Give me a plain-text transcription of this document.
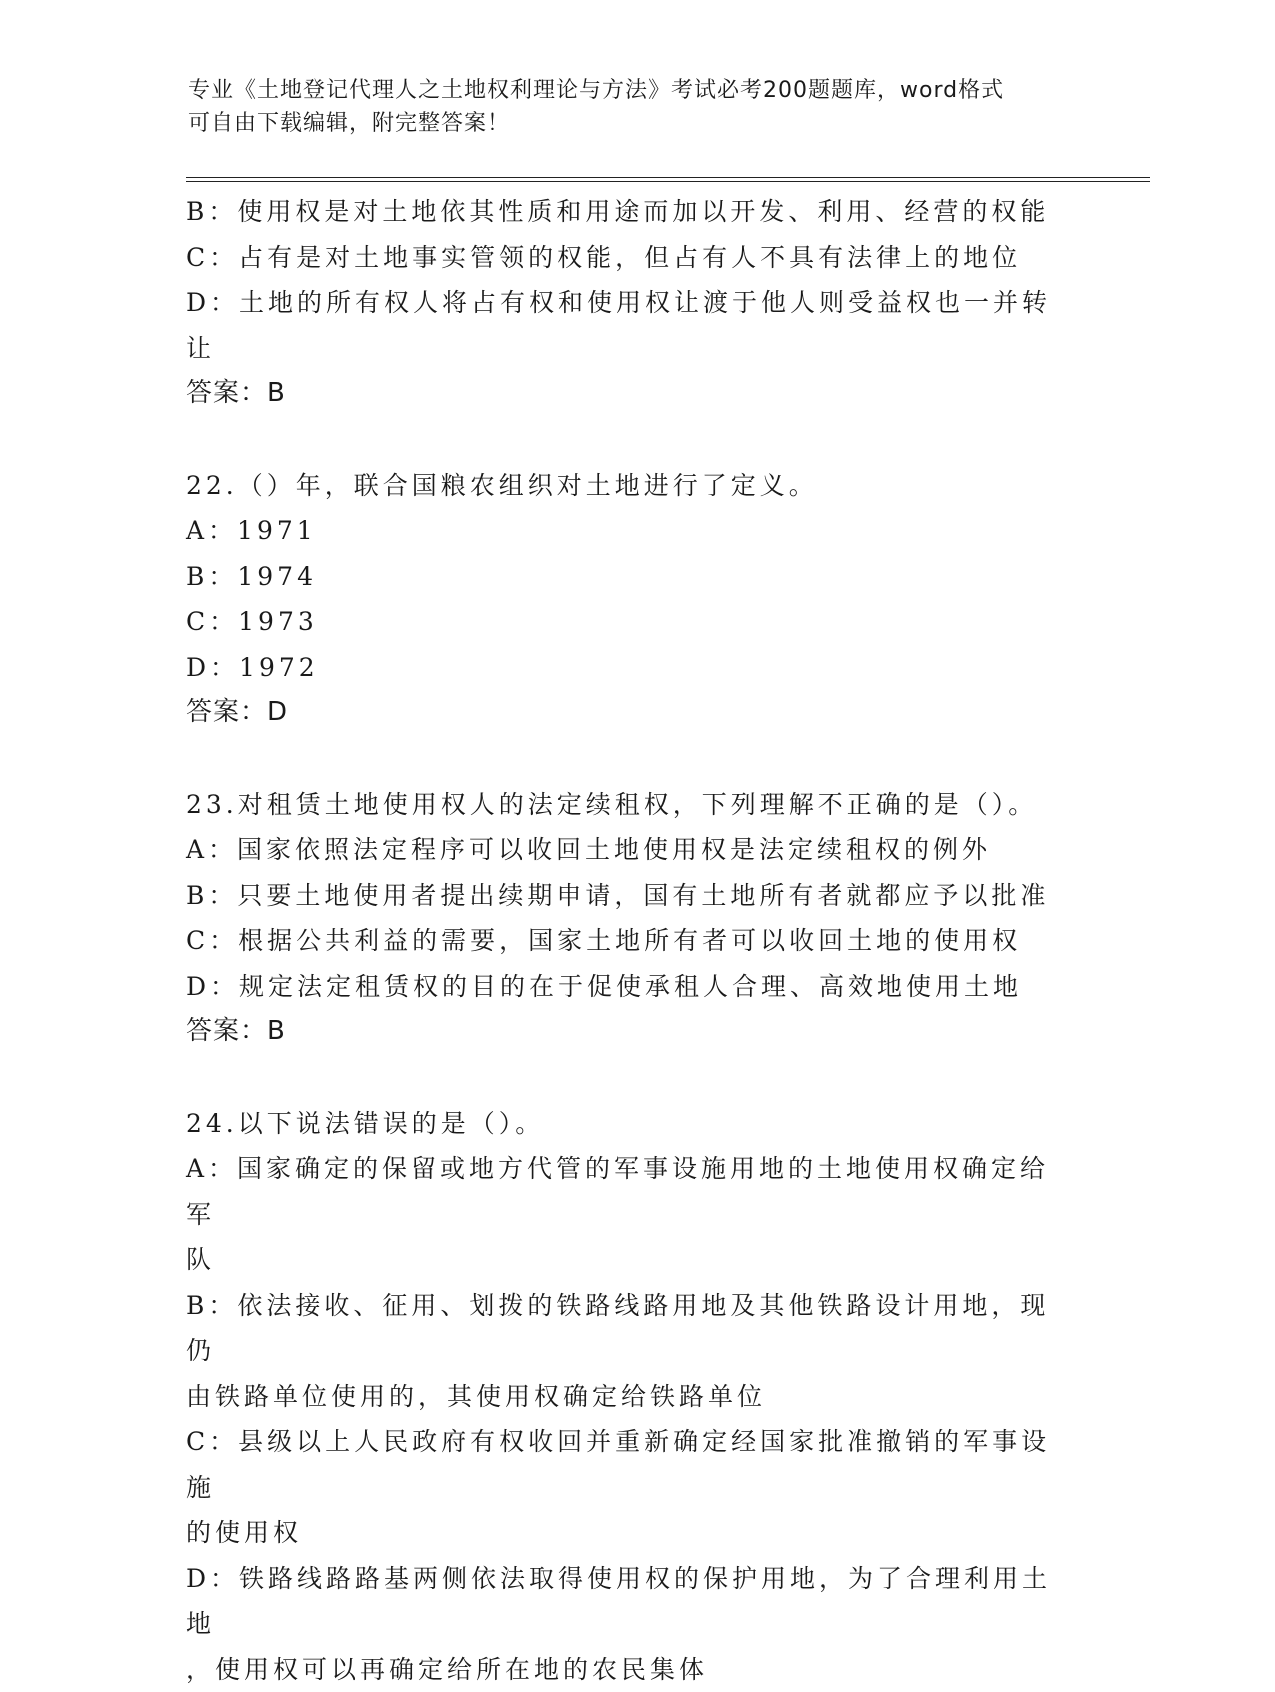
专业《土地登记代理人之土地权利理论与方法》考试必考200题题库，word格式
可自由下载编辑，附完整答案！

B：使用权是对土地依其性质和用途而加以开发、利用、经营的权能

C：占有是对土地事实管领的权能，但占有人不具有法律上的地位

D：土地的所有权人将占有权和使用权让渡于他人则受益权也一并转让

答案：B

22.（）年，联合国粮农组织对土地进行了定义。

A：1971

B：1974

C：1973

D：1972

答案：D

23.对租赁土地使用权人的法定续租权，下列理解不正确的是（）。

A：国家依照法定程序可以收回土地使用权是法定续租权的例外

B：只要土地使用者提出续期申请，国有土地所有者就都应予以批准

C：根据公共利益的需要，国家土地所有者可以收回土地的使用权

D：规定法定租赁权的目的在于促使承租人合理、高效地使用土地

答案：B

24.以下说法错误的是（）。

A：国家确定的保留或地方代管的军事设施用地的土地使用权确定给军

队

B：依法接收、征用、划拨的铁路线路用地及其他铁路设计用地，现仍

由铁路单位使用的，其使用权确定给铁路单位

C：县级以上人民政府有权收回并重新确定经国家批准撤销的军事设施

的使用权

D：铁路线路路基两侧依法取得使用权的保护用地，为了合理利用土地

，使用权可以再确定给所在地的农民集体
